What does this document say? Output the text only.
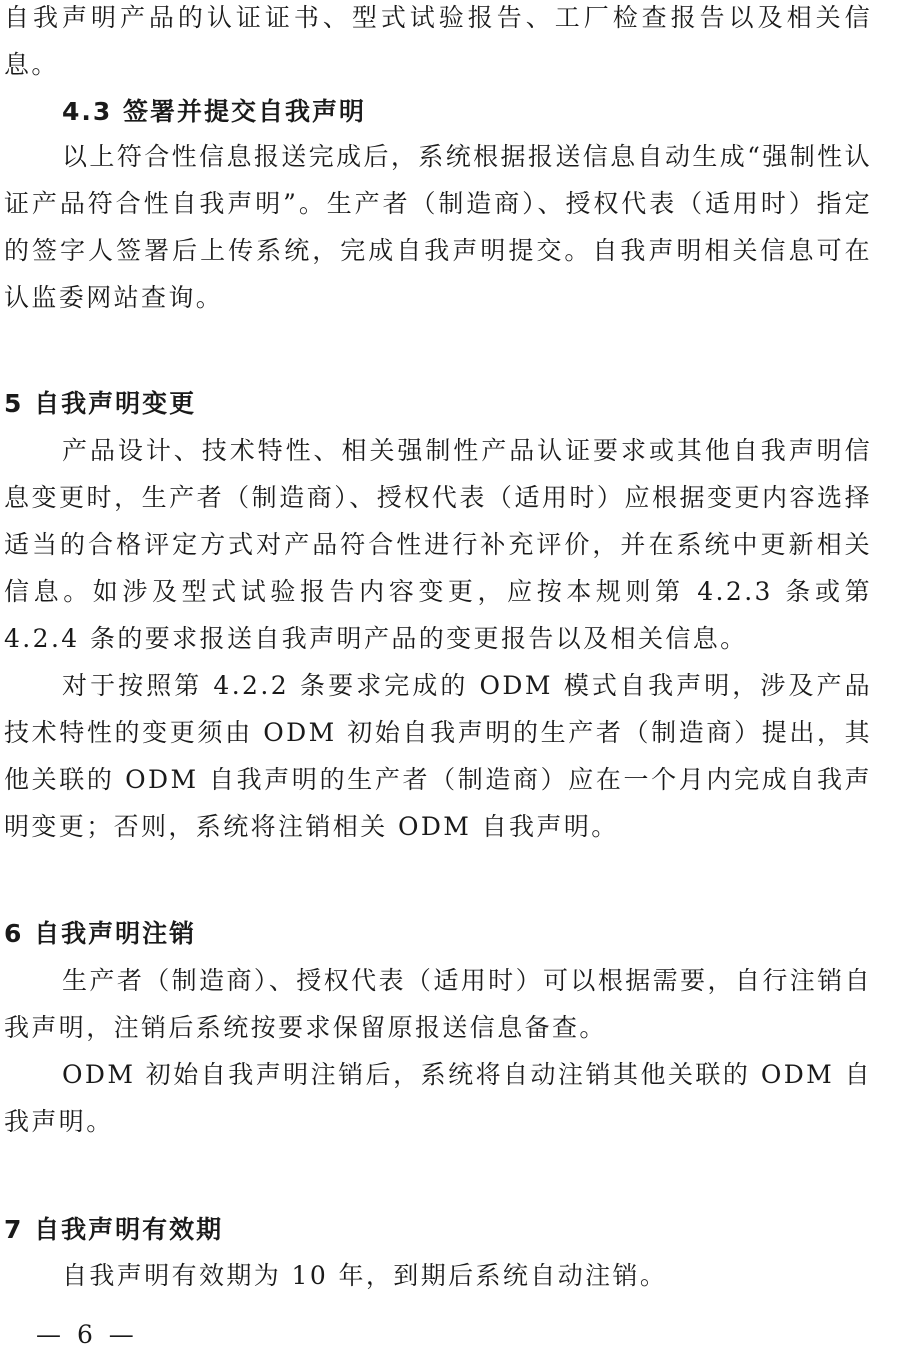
自我声明产品的认证证书、型式试验报告、工厂检查报告以及相关信息。

4.3 签署并提交自我声明

以上符合性信息报送完成后，系统根据报送信息自动生成“强制性认证产品符合性自我声明”。生产者（制造商）、授权代表（适用时）指定的签字人签署后上传系统，完成自我声明提交。自我声明相关信息可在认监委网站查询。

5 自我声明变更

产品设计、技术特性、相关强制性产品认证要求或其他自我声明信息变更时，生产者（制造商）、授权代表（适用时）应根据变更内容选择适当的合格评定方式对产品符合性进行补充评价，并在系统中更新相关信息。如涉及型式试验报告内容变更，应按本规则第 4.2.3 条或第 4.2.4 条的要求报送自我声明产品的变更报告以及相关信息。

对于按照第 4.2.2 条要求完成的 ODM 模式自我声明，涉及产品技术特性的变更须由 ODM 初始自我声明的生产者（制造商）提出，其他关联的 ODM 自我声明的生产者（制造商）应在一个月内完成自我声明变更；否则，系统将注销相关 ODM 自我声明。

6 自我声明注销

生产者（制造商）、授权代表（适用时）可以根据需要，自行注销自我声明，注销后系统按要求保留原报送信息备查。

ODM 初始自我声明注销后，系统将自动注销其他关联的 ODM 自我声明。

7 自我声明有效期

自我声明有效期为 10 年，到期后系统自动注销。

— 6 —
